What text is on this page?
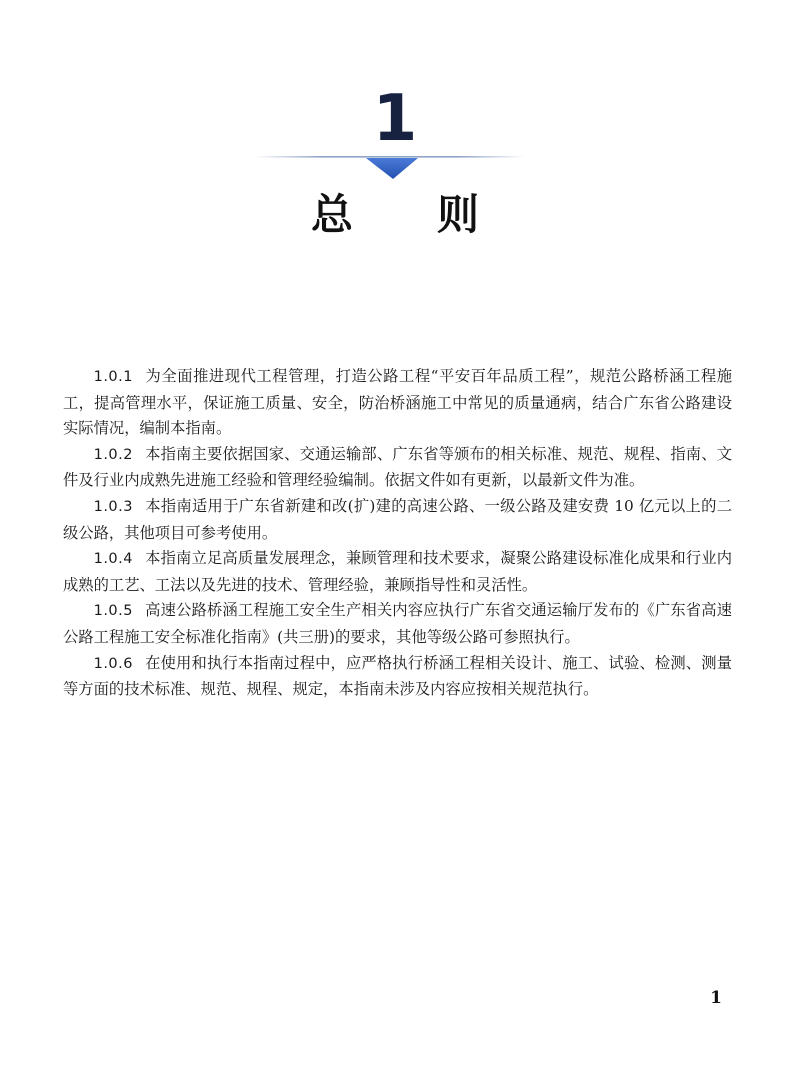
1
总 则

1.0.1 为全面推进现代工程管理，打造公路工程“平安百年品质工程”，规范公路桥涵工程施工，提高管理水平，保证施工质量、安全，防治桥涵施工中常见的质量通病，结合广东省公路建设实际情况，编制本指南。

1.0.2 本指南主要依据国家、交通运输部、广东省等颁布的相关标准、规范、规程、指南、文件及行业内成熟先进施工经验和管理经验编制。依据文件如有更新，以最新文件为准。

1.0.3 本指南适用于广东省新建和改(扩)建的高速公路、一级公路及建安费 10 亿元以上的二级公路，其他项目可参考使用。

1.0.4 本指南立足高质量发展理念，兼顾管理和技术要求，凝聚公路建设标准化成果和行业内成熟的工艺、工法以及先进的技术、管理经验，兼顾指导性和灵活性。

1.0.5 高速公路桥涵工程施工安全生产相关内容应执行广东省交通运输厅发布的《广东省高速公路工程施工安全标准化指南》(共三册)的要求，其他等级公路可参照执行。

1.0.6 在使用和执行本指南过程中，应严格执行桥涵工程相关设计、施工、试验、检测、测量等方面的技术标准、规范、规程、规定，本指南未涉及内容应按相关规范执行。

1
